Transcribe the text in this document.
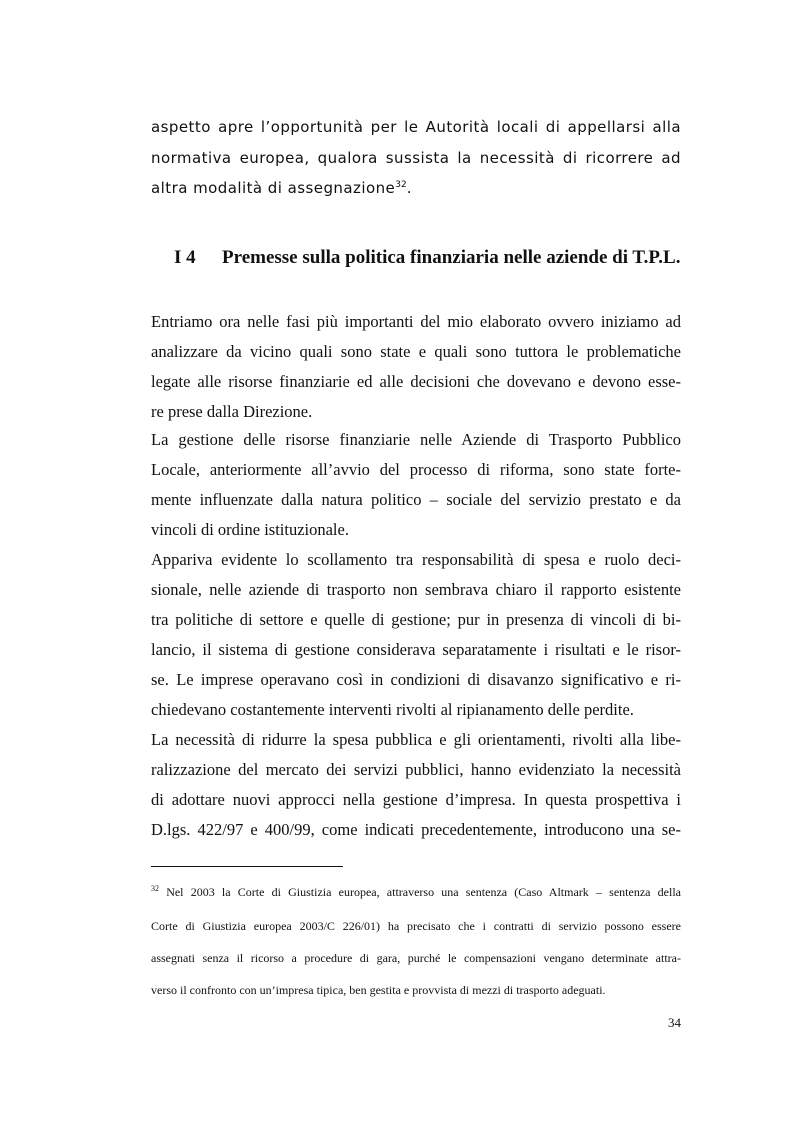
aspetto apre l’opportunità per le Autorità locali di appellarsi alla

normativa europea, qualora sussista la necessità di ricorrere ad

altra modalità di assegnazione$^{32}$.

I 4 Premesse sulla politica finanziaria nelle aziende di T.P.L.

Entriamo ora nelle fasi più importanti del mio elaborato ovvero iniziamo ad

analizzare da vicino quali sono state e quali sono tuttora le problematiche

legate alle risorse finanziarie ed alle decisioni che dovevano e devono esse-

re prese dalla Direzione.

La gestione delle risorse finanziarie nelle Aziende di Trasporto Pubblico

Locale, anteriormente all’avvio del processo di riforma, sono state forte-

mente influenzate dalla natura politico – sociale del servizio prestato e da

vincoli di ordine istituzionale.

Appariva evidente lo scollamento tra responsabilità di spesa e ruolo deci-

sionale, nelle aziende di trasporto non sembrava chiaro il rapporto esistente

tra politiche di settore e quelle di gestione; pur in presenza di vincoli di bi-

lancio, il sistema di gestione considerava separatamente i risultati e le risor-

se. Le imprese operavano così in condizioni di disavanzo significativo e ri-

chiedevano costantemente interventi rivolti al ripianamento delle perdite.

La necessità di ridurre la spesa pubblica e gli orientamenti, rivolti alla libe-

ralizzazione del mercato dei servizi pubblici, hanno evidenziato la necessità

di adottare nuovi approcci nella gestione d’impresa. In questa prospettiva i

D.lgs. 422/97 e 400/99, come indicati precedentemente, introducono una se-

$^{32}$ Nel 2003 la Corte di Giustizia europea, attraverso una sentenza (Caso Altmark – sentenza della

Corte di Giustizia europea 2003/C 226/01) ha precisato che i contratti di servizio possono essere

assegnati senza il ricorso a procedure di gara, purché le compensazioni vengano determinate attra-

verso il confronto con un’impresa tipica, ben gestita e provvista di mezzi di trasporto adeguati.

34
